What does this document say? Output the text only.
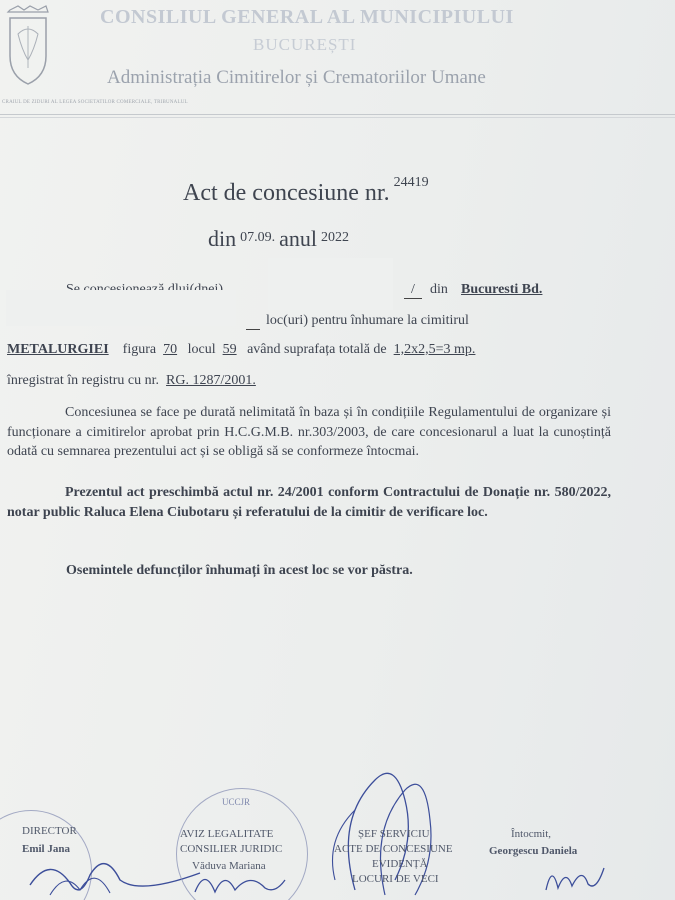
CONSILIUL GENERAL AL MUNICIPIULUI
BUCUREȘTI
Administrația Cimitirelor și Crematoriilor Umane
CRAIUL DE ZIDURI AL LEGEA SOCIETATILOR COMERCIALE, TRIBUNALUL
Act de concesiune nr. $^{24419}$
din $^{07.09.}$ anul $^{2022}$
/	din Bucuresti Bd.
loc(uri) pentru înhumare la cimitirul
METALURGIEI figura 70 locul 59 având suprafața totală de 1,2x2,5=3 mp.
înregistrat în registru cu nr. RG. 1287/2001.
Concesiunea se face pe durată nelimitată în baza și în condițiile Regulamentului de organizare și funcționare a cimitirelor aprobat prin H.C.G.M.B. nr.303/2003, de care concesionarul a luat la cunoștință odată cu semnarea prezentului act și se obligă să se conformeze întocmai.
Prezentul act preschimbă actul nr. 24/2001 conform Contractului de Donație nr. 580/2022, notar public Raluca Elena Ciubotaru și referatului de la cimitir de verificare loc.
Osemintele defuncților înhumați în acest loc se vor păstra.
DIRECTOR
Emil Jana
UCCJR
AVIZ LEGALITATE
CONSILIER JURIDIC
Văduva Mariana
ȘEF SERVICIU
ACTE DE CONCESIUNE
EVIDENȚĂ
LOCURI DE VECI
Întocmit,
Georgescu Daniela
